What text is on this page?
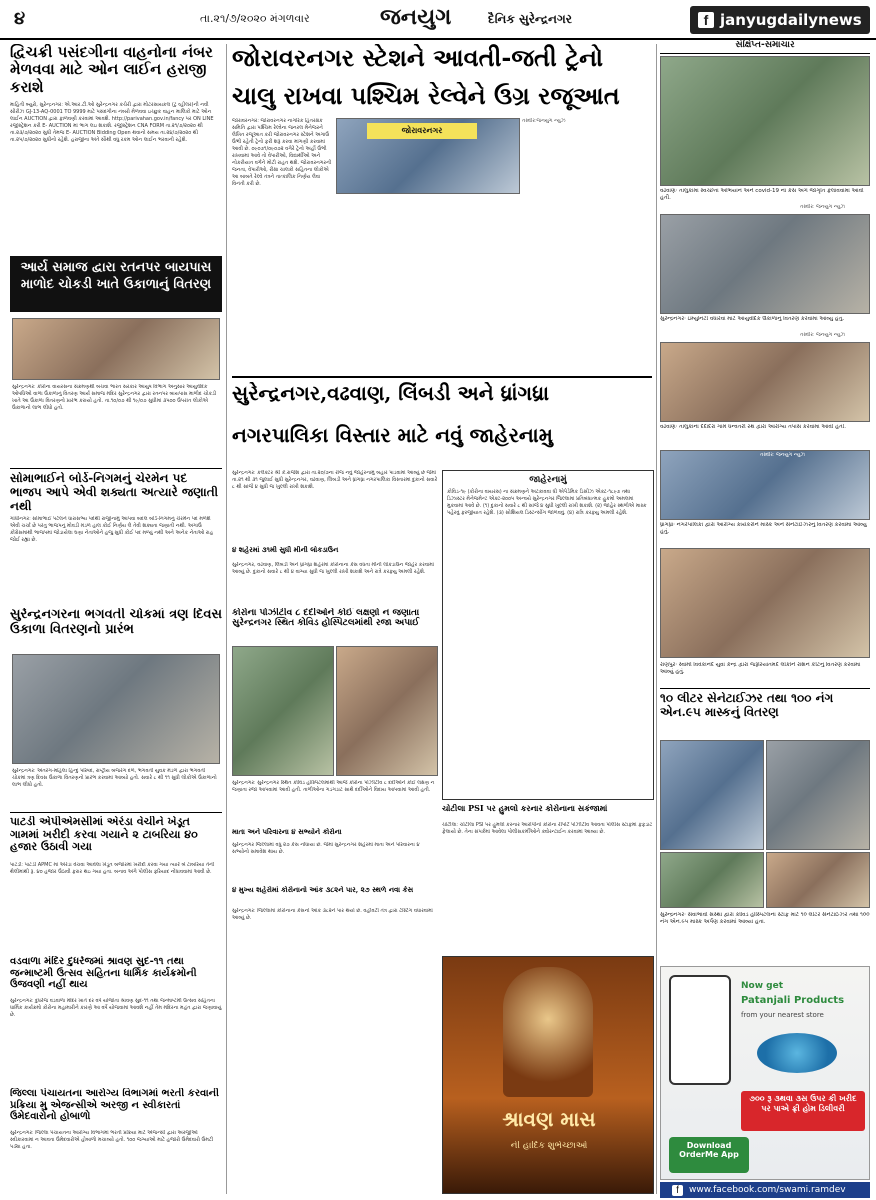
૪	તા.૨૧/૭/૨૦૨૦ મંગળવાર	જનયુગ	દૈનિક સુરેન્દ્રનગર	f janyugdailynews
દ્વિચક્રી પસંદગીના વાહનોના નંબર મેળવવા માટે ઓન લાઈન હરાજી કરાશે
માહિતી બ્યુરો, સુરેન્દ્રનગરઃ એ.આર.ટી.ઓ સુરેન્દ્રનગર કચેરી દ્વારા મોટરસાયકલ (ટુ વ્હીલર)ની નવી સીરીઝ GJ-13-AQ-0001 TO 9999 માટે પસંદગીના નંબરો મેળવવા ઇચ્છુક વાહન માલિકો માટે ઓન લાઈન AUCTION દ્વારા ફાળવણી કરવામાં આવશે. http://parivahan.gov.in/fancy પર ON LINE રજીસ્ટ્રેશન કરી E- AUCTION માં ભાગ લઇ શકાશે. રજીસ્ટ્રેશન CNA FORM તા.૨૧/૭/૨૦૨૦ થી તા.૨૩/૭/૨૦૨૦ સુધી તેમજ E- AUCTION Bidding Open થવાનો સમય તા.૨૪/૭/૨૦૨૦ થી તા.૨૫/૭/૨૦૨૦ સુધીનો રહેશે. હરાજીના અંતે સૌથી વધુ રકમ ઓન લાઈન ભરવાની રહેશે.
આર્ય સમાજ દ્વારા રતનપર બાયપાસ માળોદ ચોકડી ખાતે ઉકાળાનું વિતરણ
સુરેન્દ્રનગરઃ કોરોના વાયરસના સંક્રમણથી બચવા ભારત સરકાર આયુષ વિભાગ અનુસાર આયુર્વેદિક ઓષધિઓ વાળા ઉકાળાનું વિતરણ આર્ય સમાજ મંદિર સુરેન્દ્રનગર દ્વારા રતનપર બાયપાસ માળોદ ચોકડી ખાતે આ ઉકાળા વિતરણનો પ્રારંભ કરાયો હતો. તા.૧૦/૦૭ થી ૧૯/૦૭ સુધીમાં ૩૫૦૦ ઉપરાંત લોકોએ ઉકાળાનો લાભ લીધો હતો.
સોમાભાઈને બોર્ડ-નિગમનું ચેરમેન પદ ભાજપ આપે એવી શક્યતા અત્યારે જણાતી નથી
ગાંધીનગરઃ સોમાભાઈ પટેલને ધારાસભ્ય પદેથી રાજીનામું આપવા બદલ બોર્ડ-નિગમનું ચેરમેન પદ મળશે એવી ચર્ચા છે પરંતુ ભાજપનું મોવડી મંડળ હાલ કોઈ નિર્ણય લે તેવી શક્યતા જણાતી નથી. અગાઉ કોંગ્રેસમાંથી ભાજપમાં જોડાયેલા ઘણા નેતાઓને હજુ સુધી કોઈ પદ મળ્યું નથી અને અનેક નેતાઓ રાહ જોઈ રહ્યા છે.
સુરેન્દ્રનગરના ભગવતી ચોકમાં ત્રણ દિવસ ઉકાળા વિતરણનો પ્રારંભ
સુરેન્દ્રનગરઃ અંતરંગ-મહિલા હિન્દુ પરિષદ, રાષ્ટ્રીય બજરંગ દળ, ભગવતી યુવક મંડળ દ્વારા ભગવતી ચોકમાં ત્રણ દિવસ ઉકાળા વિતરણનો પ્રારંભ કરવામાં આવ્યો હતો. સવારે ૮ થી ૧૧ સુધી લોકોએ ઉકાળાનો લાભ લીધો હતો.
પાટડી એપીએમસીમાં એરંડા વેચીને ખેડૂત ગામમાં ખરીદી કરવા ગયાને ૨ ટાબરિયા ૪૦ હજાર ઉઠાવી ગયા
પાટડીઃ પાટડી APMC માં એરંડા વેચવા આવેલા ખેડૂત બજારમાં ખરીદી કરવા ગયા ત્યારે બે ટાબરિયા તેની થેલીમાંથી રૂ. ૪૦ હજાર ઉઠાવી ફરાર થઇ ગયા હતા. બનાવ અંગે પોલીસ ફરિયાદ નોંધાવવામાં આવી છે.
વડવાળા મંદિર દુધરેજમાં શ્રાવણ સુદ-૧૧ તથા જન્માષ્ટમી ઉત્સવ સહિતના ધાર્મિક કાર્યક્રમોની ઉજવણી નહીં થાય
સુરેન્દ્રનગરઃ દુધરેજ વડવાળા મંદિર ખાતે દર વર્ષે યોજાતા શ્રાવણ સુદ-૧૧ તથા જન્માષ્ટમી ઉત્સવ સહિતના ધાર્મિક કાર્યક્રમો કોરોના મહામારીને કારણે આ વર્ષે યોજવામાં આવશે નહીં તેમ મંદિરના મહંત દ્વારા જણાવાયું છે.
જિલ્લા પંચાયતના આરોગ્ય વિભાગમાં ભરતી કરવાની પ્રક્રિયા મુ એજન્સીએ અરજી ન સ્વીકારતાં ઉમેદવારોનો હોબાળો
સુરેન્દ્રનગરઃ જિલ્લા પંચાયતના આરોગ્ય વિભાગમાં ભરતી પ્રક્રિયા માટે એજન્સી દ્વારા અરજીઓ સ્વીકારવામાં ન આવતા ઉમેદવારોએ હોબાળો મચાવ્યો હતો. ૧૦૦ જગ્યાઓ માટે હજારો ઉમેદવારો ઉમટી પડ્યા હતા.
જોરાવરનગર સ્ટેશને આવતી-જતી ટ્રેનો
ચાલુ રાખવા પશ્ચિમ રેલ્વેને ઉગ્ર રજૂઆત
જોરાવરનગરઃ જોરાવરનગર નાગરિક હિતરક્ષક સમિતિ દ્વારા પશ્ચિમ રેલ્વેના જનરલ મેનેજરને લેખિત રજૂઆત કરી જોરાવરનગર સ્ટેશને અગાઉ ઉભી રહેતી ટ્રેનો ફરી શરૂ કરવા માંગણી કરવામાં આવી છે. ૦૯૦૭૧/૦૯૦૭૨ વગેરે ટ્રેનો અહીં ઉભી રાખવામાં આવે તો વેપારીઓ, વિદ્યાર્થીઓ અને નોકરીયાત વર્ગને મોટી રાહત થશે. જોરાવરનગરની જનતા, વેપારીઓ, રીક્ષા ચાલકો સહિતના લોકોએ આ બાબતે રેલ્વે તંત્રને તાત્કાલિક નિર્ણય લેવા વિનંતી કરી છે.
જોરાવરનગર
તસ્વીરઃજનયુગ ન્યુઝ
સુરેન્દ્રનગર,વઢવાણ, લિંબડી અને ધ્રાંગધ્રા
નગરપાલિકા વિસ્તાર માટે નવું જાહેરનામુ
સુરેન્દ્રનગરઃ કલેક્ટર શ્રી કે.રાજેશ દ્વારા તા.૨૦/૭ના રોજ નવું જાહેરનામું બહાર પાડવામાં આવ્યું છે જેમાં તા.૨૧ થી ૩૧ જુલાઈ સુધી સુરેન્દ્રનગર, વઢવાણ, લિંબડી અને ધ્રાંગધ્રા નગરપાલિકા વિસ્તારમાં દુકાનો સવારે ૮ થી સાંજે ૪ સુધી જ ખુલ્લી રાખી શકાશે.
૪ શહેરમાં ૩૧મી સુધી મીની લોકડાઉન
સુરેન્દ્રનગર, વઢવાણ, લિંબડી અને ધ્રાંગધ્રા શહેરમાં કોરોનાના કેસ વધતા મીની લોકડાઉન જાહેર કરવામાં આવ્યું છે. દુકાનો સવારે ૮ થી ૪ વાગ્યા સુધી જ ખુલ્લી રાખી શકાશે અને રાત્રે કરફ્યુ અમલી રહેશે.
જાહેરનામું
કોવિડ-૧૯ (કોરોના વાયરસ) ના સંક્રમણને અટકાવવા ધી એપેડેમિક ડિસીઝ એક્ટ-૧૮૯૭ તથા ડિઝાસ્ટર મેનેજમેન્ટ એક્ટ-૨૦૦૫ અન્વયે સુરેન્દ્રનગર જિલ્લામાં પ્રતિબંધાત્મક હુકમો અમલમાં મુકવામાં આવે છે. (૧) દુકાનો સવારે ૮ થી સાંજે ૪ સુધી ખુલ્લી રાખી શકાશે. (૨) જાહેર સ્થળોએ માસ્ક પહેરવું ફરજીયાત રહેશે. (૩) સોશિયલ ડિસ્ટન્સીંગ જાળવવું. (૪) રાત્રિ કરફ્યુ અમલી રહેશે.
કોરોના પોઝીટીવ ૮ દર્દીઓને કોઈ લક્ષણો ન જણાતા સુરેન્દ્રનગર સ્થિત કોવિડ હોસ્પિટલમાંથી રજા અપાઈ
સુરેન્દ્રનગરઃ સુરેન્દ્રનગર સ્થિત કોવિડ હોસ્પિટલમાંથી આજે કોરોના પોઝીટીવ ૮ દર્દીઓને કોઈ લક્ષણ ન જણાતા રજા આપવામાં આવી હતી. તાળીઓના ગડગડાટ સાથે દર્દીઓને વિદાય આપવામાં આવી હતી.
માતા અને પરિવારના ૪ સભ્યોને કોરોના
સુરેન્દ્રનગર જિલ્લામાં વધુ ૨૭ કેસ નોંધાયા છે. જેમાં સુરેન્દ્રનગર શહેરમાં માતા અને પરિવારના ૪ સભ્યોનો સમાવેશ થાય છે.
૪ મુખ્ય શહેરોમાં કોરોનાનો આંક ૩૮૨ને પાર, ૨૭ સ્થળે નવા કેસ
સુરેન્દ્રનગરઃ જિલ્લામાં કોરોનાના કેસનો આંક ૩૮૨ને પાર થયો છે. વહીવટી તંત્ર દ્વારા ટેસ્ટિંગ વધારવામાં આવ્યું છે.
ચોટીલા PSI પર હુમલો કરનાર કોરોનાના સકંજામાં
ચોટીલાઃ ચોટીલા PSI પર હુમલો કરનાર આરોપીનો કોરોના રીપોર્ટ પોઝીટીવ આવતા પોલીસ સ્ટાફમાં ફફડાટ ફેલાયો છે. તેના સંપર્કમાં આવેલા પોલીસકર્મીઓને ક્વોરન્ટાઈન કરવામાં આવ્યા છે.
શ્રાવણ માસ
ની હાર્દિક શુભેચ્છાઓ
સંક્ષિપ્ત-સમાચાર
વઢવાણઃ તાલુકામાં સ્વચ્છતા અભિયાન અને covid-19 ના કેસ અંગે જાગૃતિ ફેલાવવામાં આવી હતી.
તસ્વીરઃ જનયુગ ન્યુઝ
સુરેન્દ્રનગરઃ ઇમ્યુનિટી વધારવા માટે આયુર્વેદિક ઉકાળાનું વિતરણ કરવામાં આવ્યું હતું.
તસ્વીરઃ જનયુગ ન્યુઝ
વઢવાણઃ તાલુકાના દેદાદરા ગામે ધન્વંતરી રથ દ્વારા આરોગ્ય તપાસ કરવામાં આવી હતી.
તસ્વીરઃ જનયુગ ન્યુઝ
ધ્રાંગધ્રાઃ નગરપાલિકા દ્વારા આરોગ્ય કાર્યકરોને માસ્ક અને સેનેટાઈઝરનું વિતરણ કરવામાં આવ્યું હતું.
રાણપુરઃ સ્વામી વિવેકાનંદ યુવા કેન્દ્ર દ્વારા જરૂરિયાતમંદ લોકોને રાશન કીટનું વિતરણ કરવામાં આવ્યું હતું.
૧૦ લીટર સેનેટાઈઝર તથા ૧૦૦ નંગ એન.૯૫ માસ્કનું વિતરણ
સુરેન્દ્રનગરઃ સેવાભાવી સંસ્થા દ્વારા કોવિડ હોસ્પિટલના સ્ટાફ માટે ૧૦ લીટર સેનેટાઈઝર તથા ૧૦૦ નંગ એન.૯૫ માસ્ક અર્પણ કરવામાં આવ્યા હતા.
Now get
Patanjali Products
from your nearest store
૭૦૦ રૂ ૩થવા ૩સ ઉપર કી ખરીદ પર પાએ ફ્રી હોમ ડિલીવરી
Download
OrderMe App
f	www.facebook.com/swami.ramdev
